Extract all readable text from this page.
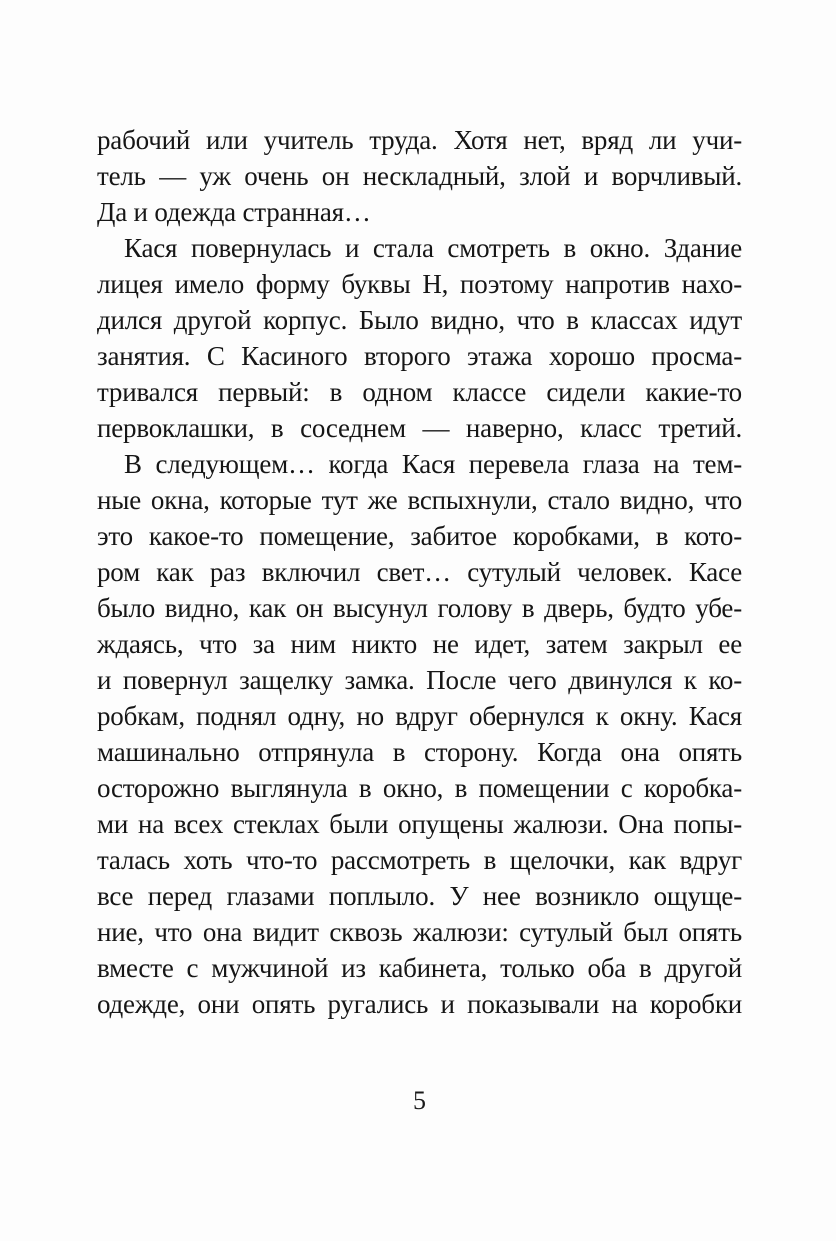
рабочий или учитель труда. Хотя нет, вряд ли учи-
тель — уж очень он нескладный, злой и ворчливый.
Да и одежда странная…
Кася повернулась и стала смотреть в окно. Здание
лицея имело форму буквы Н, поэтому напротив нахо-
дился другой корпус. Было видно, что в классах идут
занятия. С Касиного второго этажа хорошо просма-
тривался первый: в одном классе сидели какие-то
первоклашки, в соседнем — наверно, класс третий.
В следующем… когда Кася перевела глаза на тем-
ные окна, которые тут же вспыхнули, стало видно, что
это какое-то помещение, забитое коробками, в кото-
ром как раз включил свет… сутулый человек. Касе
было видно, как он высунул голову в дверь, будто убе-
ждаясь, что за ним никто не идет, затем закрыл ее
и повернул защелку замка. После чего двинулся к ко-
робкам, поднял одну, но вдруг обернулся к окну. Кася
машинально отпрянула в сторону. Когда она опять
осторожно выглянула в окно, в помещении с коробка-
ми на всех стеклах были опущены жалюзи. Она попы-
талась хоть что-то рассмотреть в щелочки, как вдруг
все перед глазами поплыло. У нее возникло ощуще-
ние, что она видит сквозь жалюзи: сутулый был опять
вместе с мужчиной из кабинета, только оба в другой
одежде, они опять ругались и показывали на коробки
5
